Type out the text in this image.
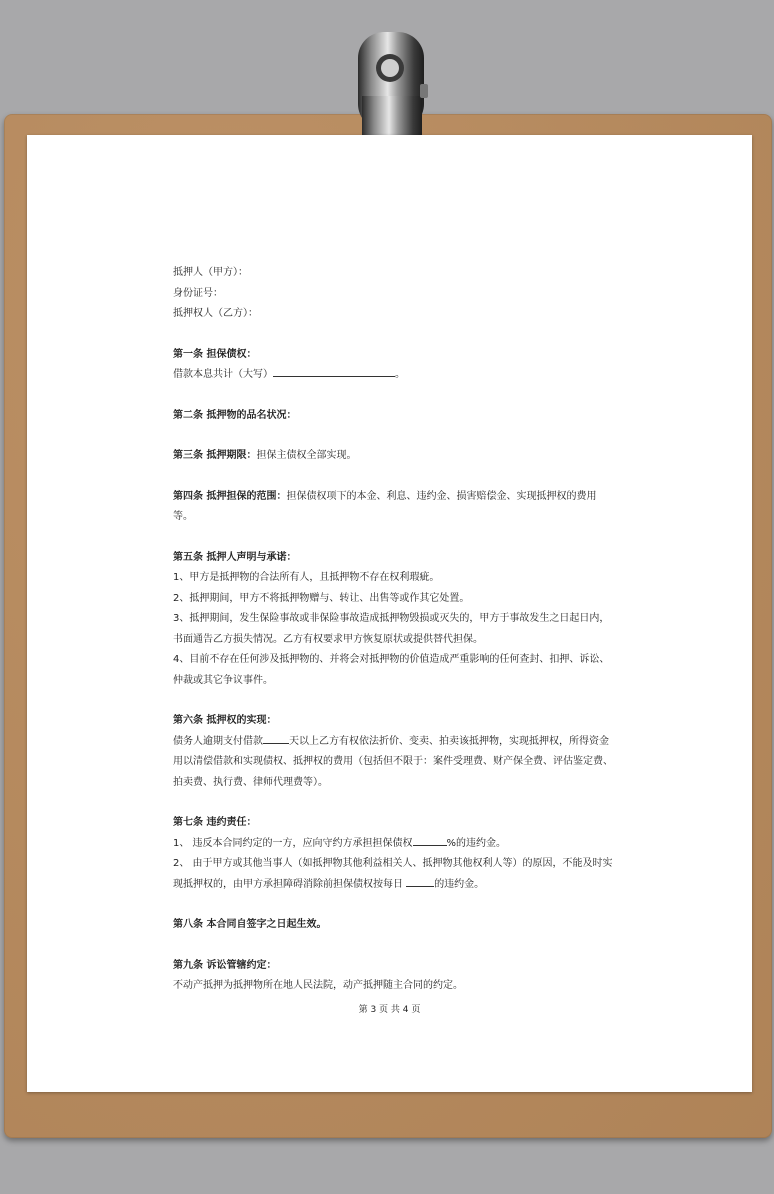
抵押人（甲方）：
身份证号：
抵押权人（乙方）：
第一条 担保债权：
借款本息共计（大写）	。
第二条 抵押物的品名状况：
第三条 抵押期限：担保主债权全部实现。
第四条 抵押担保的范围：担保债权项下的本金、利息、违约金、损害赔偿金、实现抵押权的费用等。
第五条 抵押人声明与承诺：
1、甲方是抵押物的合法所有人，且抵押物不存在权利瑕疵。
2、抵押期间，甲方不将抵押物赠与、转让、出售等或作其它处置。
3、抵押期间，发生保险事故或非保险事故造成抵押物毁损或灭失的，甲方于事故发生之日起日内，书面通告乙方损失情况。乙方有权要求甲方恢复原状或提供替代担保。
4、目前不存在任何涉及抵押物的、并将会对抵押物的价值造成严重影响的任何查封、扣押、诉讼、仲裁或其它争议事件。
第六条 抵押权的实现：
债务人逾期支付借款	天以上乙方有权依法折价、变卖、拍卖该抵押物，实现抵押权，所得资金用以清偿借款和实现债权、抵押权的费用（包括但不限于：案件受理费、财产保全费、评估鉴定费、拍卖费、执行费、律师代理费等）。
第七条 违约责任：
1、 违反本合同约定的一方，应向守约方承担担保债权	%的违约金。
2、 由于甲方或其他当事人（如抵押物其他利益相关人、抵押物其他权利人等）的原因，不能及时实现抵押权的，由甲方承担障碍消除前担保债权按每日	的违约金。
第八条 本合同自签字之日起生效。
第九条 诉讼管辖约定：
不动产抵押为抵押物所在地人民法院，动产抵押随主合同的约定。
第 3 页 共 4 页
